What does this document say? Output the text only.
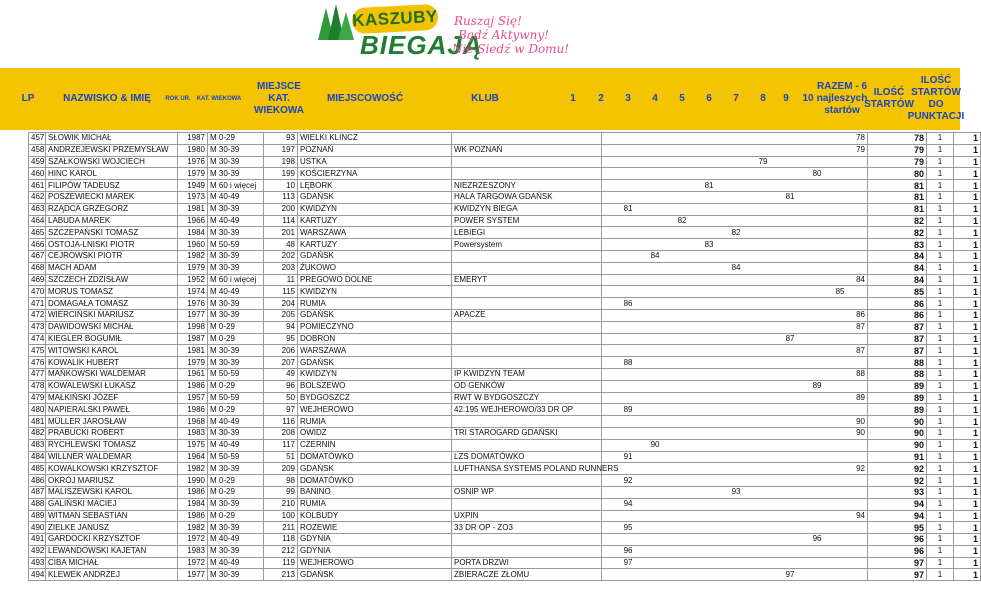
KASZUBY
BIEGAJĄ
Ruszaj Się!
Bądź Aktywny!
Nie Siedź w Domu!
LP	NAZWISKO & IMIĘ ROK UR.	KAT. WIEKOWA
MIEJSCE KAT. WIEKOWA
MIEJSCOWOŚĆ	KLUB	1	2	3	4	5	6	7	8	9	10
RAZEM - 6 najleszych startów
ILOŚĆ STARTÓW
ILOŚĆ STARTÓW DO PUNKTACJI
457	SŁOWIK MICHAŁ	1987	M 0-29	93	WIELKI KLINCZ											78	78	1	1
458	ANDRZEJEWSKI PRZEMYSŁAW	1980	M 30-39	197	POZNAŃ	WK POZNAŃ										79	79	1	1
459	SZAŁKOWSKI WOJCIECH	1976	M 30-39	198	USTKA							79					79	1	1
460	HINC KAROL	1979	M 30-39	199	KOŚCIERZYNA									80			80	1	1
461	FILIPÓW TADEUSZ	1949	M 60 i więcej	10	LĘBORK	NIEZRZESZONY				81							81	1	1
462	POSZEWIECKI MAREK	1973	M 40-49	113	GDAŃSK	HALA TARGOWA GDAŃSK							81				81	1	1
463	RZĄDCA GRZEGORZ	1981	M 30-39	200	KWIDZYN	KWIDZYN BIEGA	81										81	1	1
464	LABUDA MAREK	1966	M 40-49	114	KARTUZY	POWER SYSTEM			82								82	1	1
465	SZCZEPAŃSKI TOMASZ	1984	M 30-39	201	WARSZAWA	LEBIEGI					82						82	1	1
466	OSTOJA-LNISKI PIOTR	1960	M 50-59	48	KARTUZY	Powersystem				83							83	1	1
467	CEJROWSKI PIOTR	1982	M 30-39	202	GDAŃSK			84									84	1	1
468	MACH ADAM	1979	M 30-39	203	ŻUKOWO						84						84	1	1
469	SZCZECH ZDZISŁAW	1952	M 60 i więcej	11	PREGOWO DOLNE	EMERYT										84	84	1	1
470	MORUS TOMASZ	1974	M 40-49	115	KWIDZYN										85		85	1	1
471	DOMAGAŁA TOMASZ	1976	M 30-39	204	RUMIA		86										86	1	1
472	WIERCIŃSKI MARIUSZ	1977	M 30-39	205	GDAŃSK	APACZE										86	86	1	1
473	DAWIDOWSKI MICHAŁ	1998	M 0-29	94	POMIECZYNO											87	87	1	1
474	KIEGLER BOGUMIŁ	1987	M 0-29	95	DOBRON								87				87	1	1
475	WITOWSKI KAROL	1981	M 30-39	206	WARSZAWA											87	87	1	1
476	KOWALIK HUBERT	1979	M 30-39	207	GDAŃSK		88										88	1	1
477	MAŃKOWSKI WALDEMAR	1961	M 50-59	49	KWIDZYN	IP KWIDZYN TEAM										88	88	1	1
478	KOWALEWSKI ŁUKASZ	1986	M 0-29	96	BOLSZEWO	OD GENKÓW								89			89	1	1
479	MAŁKIŃSKI JÓZEF	1957	M 50-59	50	BYDGOSZCZ	RWT W BYDGOSZCZY										89	89	1	1
480	NAPIERALSKI PAWEŁ	1986	M 0-29	97	WEJHEROWO	42.195 WEJHEROWO/33 DR OP	89										89	1	1
481	MÜLLER JAROSŁAW	1968	M 40-49	116	RUMIA											90	90	1	1
482	PRABUCKI ROBERT	1983	M 30-39	208	OWIDZ	TRI STAROGARD GDAŃSKI										90	90	1	1
483	RYCHLEWSKI TOMASZ	1975	M 40-49	117	CZERNIN			90									90	1	1
484	WILLNER WALDEMAR	1964	M 50-59	51	DOMATÓWKO	LZS DOMATÓWKO	91										91	1	1
485	KOWALKOWSKI KRZYSZTOF	1982	M 30-39	209	GDAŃSK	LUFTHANSA SYSTEMS POLAND RUNNERS										92	92	1	1
486	OKRÓJ MARIUSZ	1990	M 0-29	98	DOMATÓWKO		92										92	1	1
487	MALISZEWSKI KAROL	1986	M 0-29	99	BANINO	OSNIP WP					93						93	1	1
488	GALIŃSKI MACIEJ	1984	M 30-39	210	RUMIA		94										94	1	1
489	WITMAN SEBASTIAN	1986	M 0-29	100	KOLBUDY	UXPIN										94	94	1	1
490	ZIELKE JANUSZ	1982	M 30-39	211	ROZEWIE	33 DR OP - ZO3	95										95	1	1
491	GARDOCKI KRZYSZTOF	1972	M 40-49	118	GDYNIA									96			96	1	1
492	LEWANDOWSKI KAJETAN	1983	M 30-39	212	GDYNIA		96										96	1	1
493	CIBA MICHAŁ	1972	M 40-49	119	WEJHEROWO	PORTA DRZWI	97										97	1	1
494	KLEWEK ANDRZEJ	1977	M 30-39	213	GDAŃSK	ZBIERACZE ZŁOMU							97				97	1	1
